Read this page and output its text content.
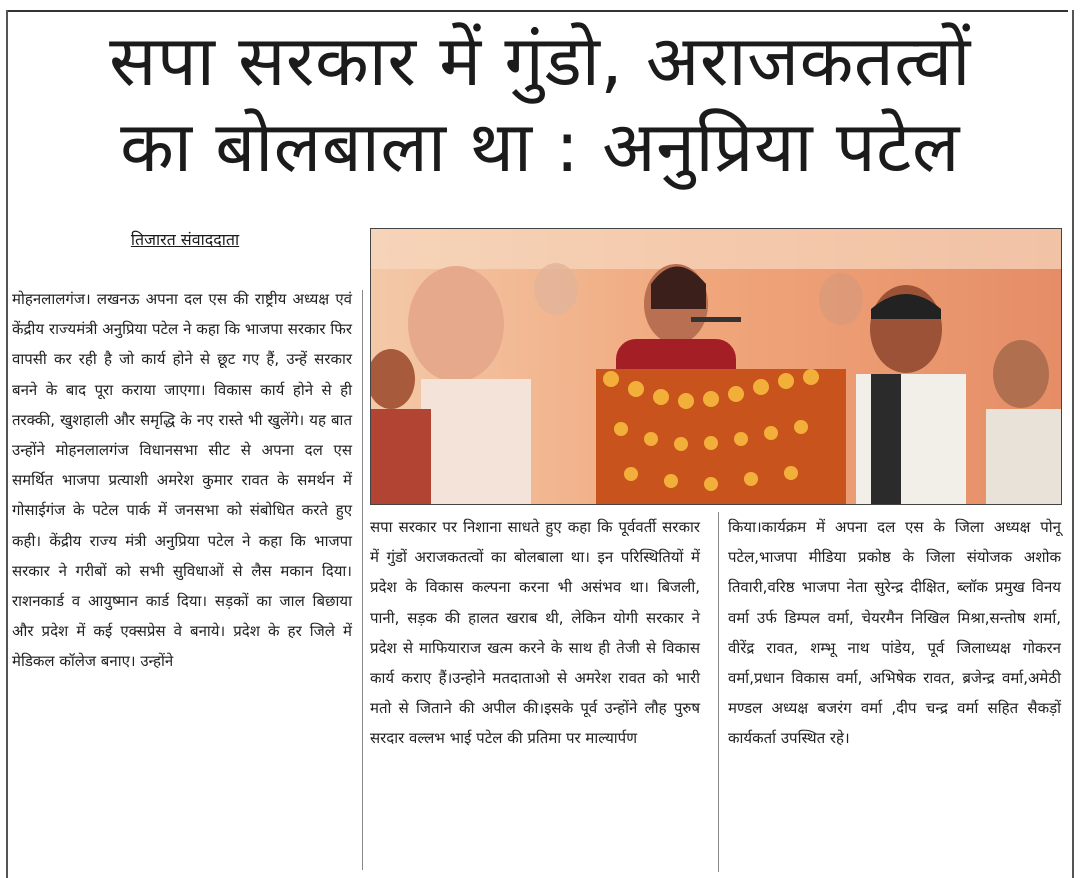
सपा सरकार में गुंडो, अराजकतत्वों
का बोलबाला था : अनुप्रिया पटेल

तिजारत संवाददाता

मोहनलालगंज। लखनऊ अपना दल एस की राष्ट्रीय अध्यक्ष एवं केंद्रीय राज्यमंत्री अनुप्रिया पटेल ने कहा कि भाजपा सरकार फिर वापसी कर रही है जो कार्य होने से छूट गए हैं, उन्हें सरकार बनने के बाद पूरा कराया जाएगा। विकास कार्य होने से ही तरक्की, खुशहाली और समृद्धि के नए रास्ते भी खुलेंगे। यह बात उन्होंने मोहनलालगंज विधानसभा सीट से अपना दल एस समर्थित भाजपा प्रत्याशी अमरेश कुमार रावत के समर्थन में गोसाईगंज के पटेल पार्क में जनसभा को संबोधित करते हुए कही। केंद्रीय राज्य मंत्री अनुप्रिया पटेल ने कहा कि भाजपा सरकार ने गरीबों को सभी सुविधाओं से लैस मकान दिया। राशनकार्ड व आयुष्मान कार्ड दिया। सड़कों का जाल बिछाया और प्रदेश में कई एक्सप्रेस वे बनाये। प्रदेश के हर जिले में मेडिकल कॉलेज बनाए। उन्होंने
सपा सरकार पर निशाना साधते हुए कहा कि पूर्ववर्ती सरकार में गुंडों अराजकतत्वों का बोलबाला था। इन परिस्थितियों में प्रदेश के विकास कल्पना करना भी असंभव था। बिजली, पानी, सड़क की हालत खराब थी, लेकिन योगी सरकार ने प्रदेश से माफियाराज खत्म करने के साथ ही तेजी से विकास कार्य कराए हैं।उन्होने मतदाताओ से अमरेश रावत को भारी मतो से जिताने की अपील की।इसके पूर्व उन्होंने लौह पुरुष सरदार वल्लभ भाई पटेल की प्रतिमा पर माल्यार्पण
किया।कार्यक्रम में अपना दल एस के जिला अध्यक्ष पोनू पटेल,भाजपा मीडिया प्रकोष्ठ के जिला संयोजक अशोक तिवारी,वरिष्ठ भाजपा नेता सुरेन्द्र दीक्षित, ब्लॉक प्रमुख विनय वर्मा उर्फ डिम्पल वर्मा, चेयरमैन निखिल मिश्रा,सन्तोष शर्मा, वीरेंद्र रावत, शम्भू नाथ पांडेय, पूर्व जिलाध्यक्ष गोकरन वर्मा,प्रधान विकास वर्मा, अभिषेक रावत, ब्रजेन्द्र वर्मा,अमेठी मण्डल अध्यक्ष बजरंग वर्मा ,दीप चन्द्र वर्मा सहित सैकड़ों कार्यकर्ता उपस्थित रहे।
